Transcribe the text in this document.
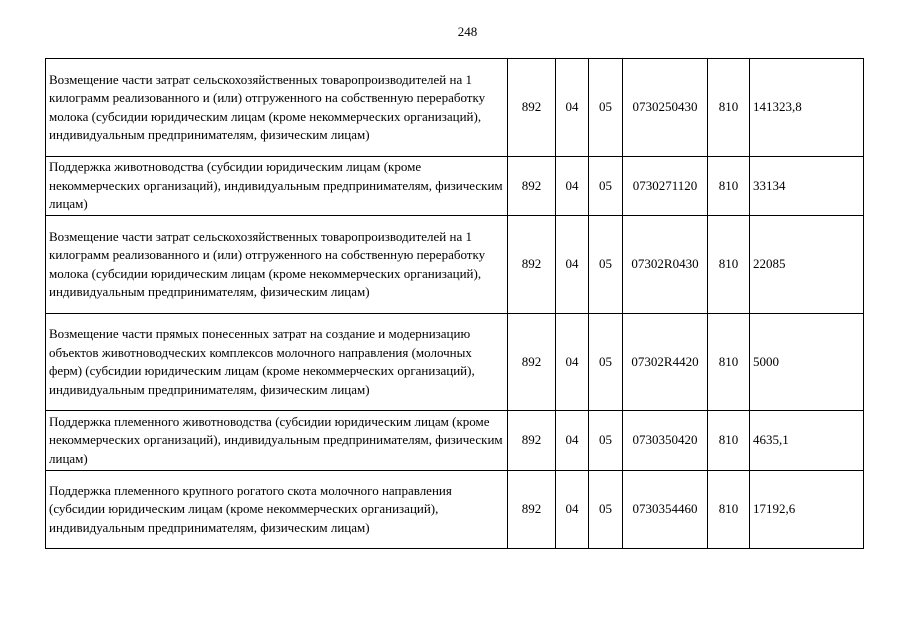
248
Возмещение части затрат сельскохозяйственных товаропроизводителей на 1 килограмм реализованного и (или) отгруженного на собственную переработку молока (субсидии юридическим лицам (кроме некоммерческих организаций), индивидуальным предпринимателям, физическим лицам)	892	04	05	0730250430	810	141323,8
Поддержка животноводства (субсидии юридическим лицам (кроме некоммерческих организаций), индивидуальным предпринимателям, физическим лицам)	892	04	05	0730271120	810	33134
Возмещение части затрат сельскохозяйственных товаропроизводителей на 1 килограмм реализованного и (или) отгруженного на собственную переработку молока (субсидии юридическим лицам (кроме некоммерческих организаций), индивидуальным предпринимателям, физическим лицам)	892	04	05	07302R0430	810	22085
Возмещение части прямых понесенных затрат на создание и модернизацию объектов животноводческих комплексов молочного направления (молочных ферм) (субсидии юридическим лицам (кроме некоммерческих организаций), индивидуальным предпринимателям, физическим лицам)	892	04	05	07302R4420	810	5000
Поддержка племенного животноводства (субсидии юридическим лицам (кроме некоммерческих организаций), индивидуальным предпринимателям, физическим лицам)	892	04	05	0730350420	810	4635,1
Поддержка племенного крупного рогатого скота молочного направления (субсидии юридическим лицам (кроме некоммерческих организаций), индивидуальным предпринимателям, физическим лицам)	892	04	05	0730354460	810	17192,6
